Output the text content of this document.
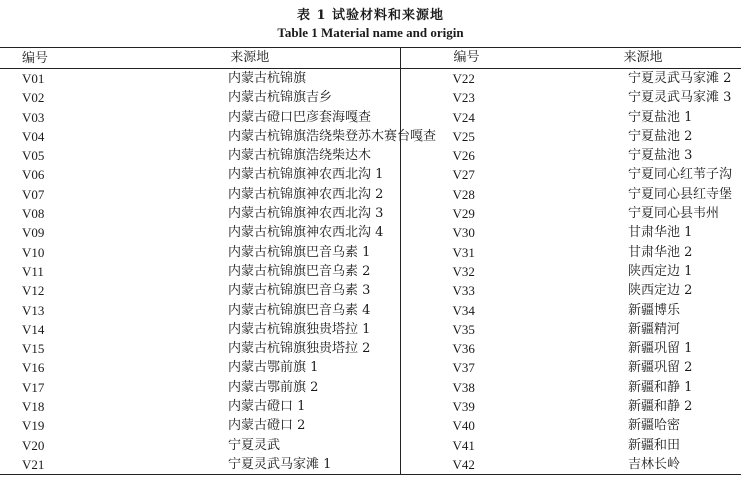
表 1 试验材料和来源地
Table 1 Material name and origin
编号	来源地	编号	来源地
V01	内蒙古杭锦旗	V22	宁夏灵武马家滩 2
V02	内蒙古杭锦旗吉乡	V23	宁夏灵武马家滩 3
V03	内蒙古磴口巴彦套海嘎查	V24	宁夏盐池 1
V04	内蒙古杭锦旗浩绕柴登苏木赛台嘎查	V25	宁夏盐池 2
V05	内蒙古杭锦旗浩绕柴达木	V26	宁夏盐池 3
V06	内蒙古杭锦旗神农西北沟 1	V27	宁夏同心红苇子沟
V07	内蒙古杭锦旗神农西北沟 2	V28	宁夏同心县红寺堡
V08	内蒙古杭锦旗神农西北沟 3	V29	宁夏同心县韦州
V09	内蒙古杭锦旗神农西北沟 4	V30	甘肃华池 1
V10	内蒙古杭锦旗巴音乌素 1	V31	甘肃华池 2
V11	内蒙古杭锦旗巴音乌素 2	V32	陕西定边 1
V12	内蒙古杭锦旗巴音乌素 3	V33	陕西定边 2
V13	内蒙古杭锦旗巴音乌素 4	V34	新疆博乐
V14	内蒙古杭锦旗独贵塔拉 1	V35	新疆精河
V15	内蒙古杭锦旗独贵塔拉 2	V36	新疆巩留 1
V16	内蒙古鄂前旗 1	V37	新疆巩留 2
V17	内蒙古鄂前旗 2	V38	新疆和静 1
V18	内蒙古磴口 1	V39	新疆和静 2
V19	内蒙古磴口 2	V40	新疆哈密
V20	宁夏灵武	V41	新疆和田
V21	宁夏灵武马家滩 1	V42	吉林长岭
